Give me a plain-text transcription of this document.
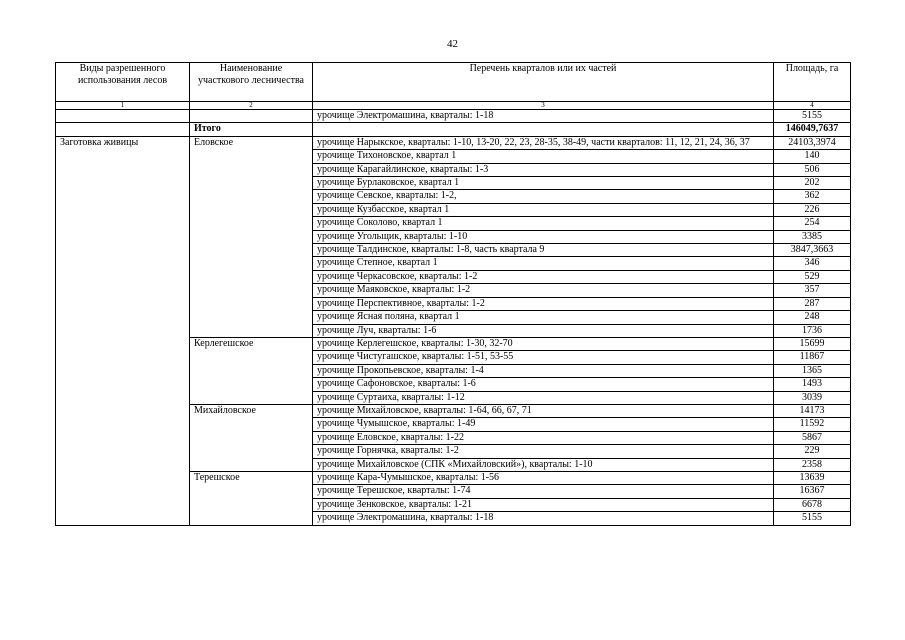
42
Виды разрешенного использования лесов	Наименование участкового лесничества	Перечень кварталов или их частей	Площадь, га
1	2	3	4
		урочище Электромашина, кварталы: 1-18	5155
	Итого		146049,7637
Заготовка живицы	Еловское	урочище Нарыкское, кварталы: 1-10, 13-20, 22, 23, 28-35, 38-49, части кварталов: 11, 12, 21, 24, 36, 37	24103,3974
		урочище Тихоновское, квартал 1	140
		урочище Карагайлинское, кварталы: 1-3	506
		урочище Бурлаковское, квартал 1	202
		урочище Севское, кварталы: 1-2,	362
		урочище Кузбасское, квартал 1	226
		урочище Соколово, квартал 1	254
		урочище Угольщик, кварталы: 1-10	3385
		урочище Талдинское, кварталы: 1-8, часть квартала 9	3847,3663
		урочище Степное, квартал 1	346
		урочище Черкасовское, кварталы: 1-2	529
		урочище Маяковское, кварталы: 1-2	357
		урочище Перспективное, кварталы: 1-2	287
		урочище Ясная поляна, квартал 1	248
		урочище Луч, кварталы: 1-6	1736
	Керлегешское	урочище Керлегешское, кварталы: 1-30, 32-70	15699
		урочище Чистугашское, кварталы: 1-51, 53-55	11867
		урочище Прокопьевское, кварталы: 1-4	1365
		урочище Сафоновское, кварталы: 1-6	1493
		урочище Суртаиха, кварталы: 1-12	3039
	Михайловское	урочище Михайловское, кварталы: 1-64, 66, 67, 71	14173
		урочище Чумышское, кварталы: 1-49	11592
		урочище Еловское, кварталы: 1-22	5867
		урочище Горнячка, кварталы: 1-2	229
		урочище Михайловское (СПК «Михайловский»), кварталы: 1-10	2358
	Терешское	урочище Кара-Чумышское, кварталы: 1-56	13639
		урочище Терешское, кварталы: 1-74	16367
		урочище Зенковское, кварталы: 1-21	6678
		урочище Электромашина, кварталы: 1-18	5155
